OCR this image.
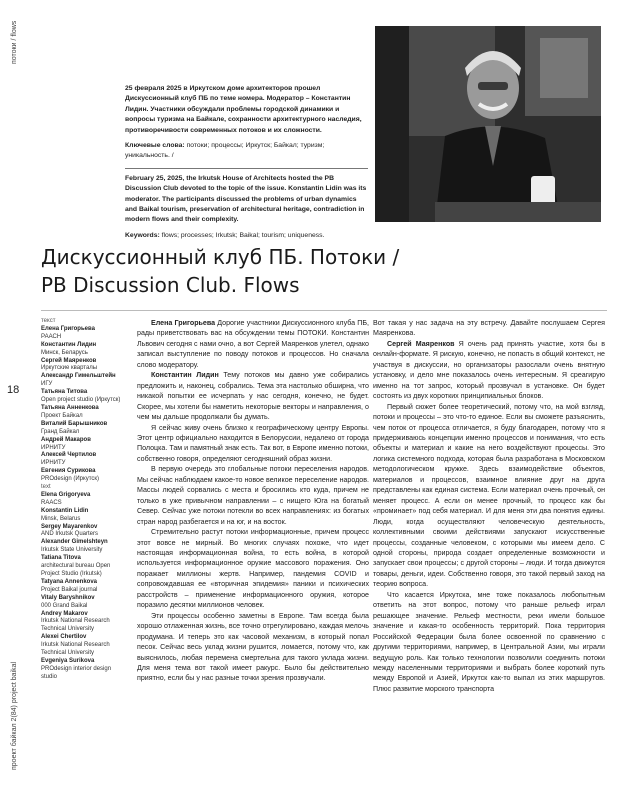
потоки / flows
18
проект байкал 2(84) project baikal

25 февраля 2025 в Иркутском доме архитекторов прошел Дискуссионный клуб ПБ по теме номера. Модератор – Константин Лидин. Участники обсуждали проблемы городской динамики и вопросы туризма на Байкале, сохранности архитектурного наследия, противоречивости современных потоков и их сложности.

Ключевые слова: потоки; процессы; Иркутск; Байкал; туризм; уникальность. /

February 25, 2025, the Irkutsk House of Architects hosted the PB Discussion Club devoted to the topic of the issue. Konstantin Lidin was its moderator. The participants discussed the problems of urban dynamics and Baikal tourism, preservation of architectural heritage, contradiction in modern flows and their complexity.

Keywords: flows; processes; Irkutsk; Baikal; tourism; uniqueness.

Дискуссионный клуб ПБ. Потоки /
PB Discussion Club. Flows
текст
Елена Григорьева
РААСН
Константин Лидин
Минск, Беларусь
Сергей Маяренков
Иркутские кварталы
Александр Гимельштейн
ИГУ
Татьяна Титова
Open project studio (Иркутск)
Татьяна Анненкова
Проект Байкал
Виталий Барышников
Гранд Байкал
Андрей Макаров
ИРНИТУ
Алексей Чертилов
ИРНИТУ
Евгения Сурикова
PROdesign (Иркутск)
text
Elena Grigoryeva
RAACS
Konstantin Lidin
Minsk, Belarus
Sergey Mayarenkov
AND Irkutsk Quarters
Alexander Gimelshteyn
Irkutsk State University
Tatiana Titova
architectural bureau Open Project Studio (Irkutsk)
Tatyana Annenkova
Project Baikal journal
Vitaly Baryshnikov
000 Grand Baikal
Andrey Makarov
Irkutsk National Research Technical University
Alexei Chertilov
Irkutsk National Research Technical University
Evgeniya Surikova
PROdesign interior design studio

Елена Григорьева Дорогие участники Дискуссионного клуба ПБ, рады приветствовать вас на обсуждении темы ПОТОКИ. Константин Львович сегодня с нами очно, а вот Сергей Маяренков улетел, однако записал выступление по поводу потоков и процессов. Но сначала слово модератору.

Константин Лидин Тему потоков мы давно уже собирались предложить и, наконец, собрались. Тема эта настолько обширна, что никакой попытки ее исчерпать у нас сегодня, конечно, не будет. Скорее, мы хотели бы наметить некоторые векторы и направления, о чем мы дальше продолжали бы думать.

Я сейчас живу очень близко к географическому центру Европы. Этот центр официально находится в Белоруссии, недалеко от города Полоцка. Там и памятный знак есть. Так вот, в Европе именно потоки, собственно говоря, определяют сегодняшний образ жизни.

В первую очередь это глобальные потоки переселения народов. Мы сейчас наблюдаем какое-то новое великое переселение народов. Массы людей сорвались с места и бросились кто куда, причем не только в уже привычном направлении – с нищего Юга на богатый Север. Сейчас уже потоки потекли во всех направлениях: из богатых стран народ разбегается и на юг, и на восток.

Стремительно растут потоки информационные, причем процесс этот вовсе не мирный. Во многих случаях похоже, что идет настоящая информационная война, то есть война, в которой используется информационное оружие массового поражения. Оно поражает миллионы жертв. Например, пандемия COVID и сопровождавшая ее «вторичная эпидемия» паники и психических расстройств – применение информационного оружия, которое поразило десятки миллионов человек.

Эти процессы особенно заметны в Европе. Там всегда была хорошо отлаженная жизнь, все точно отрегулировано, каждая мелочь продумана. И теперь это как часовой механизм, в который попал песок. Сейчас весь уклад жизни рушится, ломается, потому что, как выяснилось, любая перемена смертельна для такого уклада жизни. Для меня тема вот такой имеет ракурс. Было бы действительно приятно, если бы у нас разные точки зрения прозвучали.

Вот такая у нас задача на эту встречу. Давайте послушаем Сергея Маяренкова.

Сергей Маяренков Я очень рад принять участие, хотя бы в онлайн-формате. Я рискую, конечно, не попасть в общий контекст, не участвуя в дискуссии, но организаторы разослали очень внятную установку, и дело мне показалось очень интересным. Я среагирую именно на тот запрос, который прозвучал в установке. Он будет состоять из двух коротких принципиальных блоков.

Первый сюжет более теоретический, потому что, на мой взгляд, потоки и процессы – это что-то единое. Если вы сможете разъяснить, чем поток от процесса отличается, я буду благодарен, потому что я придерживаюсь концепции именно процессов и понимания, что есть объекты и материал и какие на него воздействуют процессы. Это логика системного подхода, которая была разработана в Московском методологическом кружке. Здесь взаимодействие объектов, материалов и процессов, взаимное влияние друг на друга представлены как единая система. Если материал очень прочный, он меняет процесс. А если он менее прочный, то процесс как бы «проминает» под себя материал. И для меня эти два понятия едины. Люди, когда осуществляют человеческую деятельность, коллективными своими действиями запускают искусственные процессы, созданные человеком, с которыми мы имеем дело. С одной стороны, природа создает определенные возможности и запускает свои процессы; с другой стороны – люди. И тогда движутся товары, деньги, идеи. Собственно говоря, это такой первый заход на теорию вопроса.

Что касается Иркутска, мне тоже показалось любопытным ответить на этот вопрос, потому что раньше рельеф играл решающее значение. Рельеф местности, реки имели большое значение и какая-то особенность территорий. Пока территория Российской Федерации была более освоенной по сравнению с другими территориями, например, в Центральной Азии, мы играли ведущую роль. Как только технологии позволили соединить потоки между населенными территориями и выбрать более короткий путь между Европой и Азией, Иркутск как-то выпал из этих маршрутов. Плюс развитие морского транспорта
